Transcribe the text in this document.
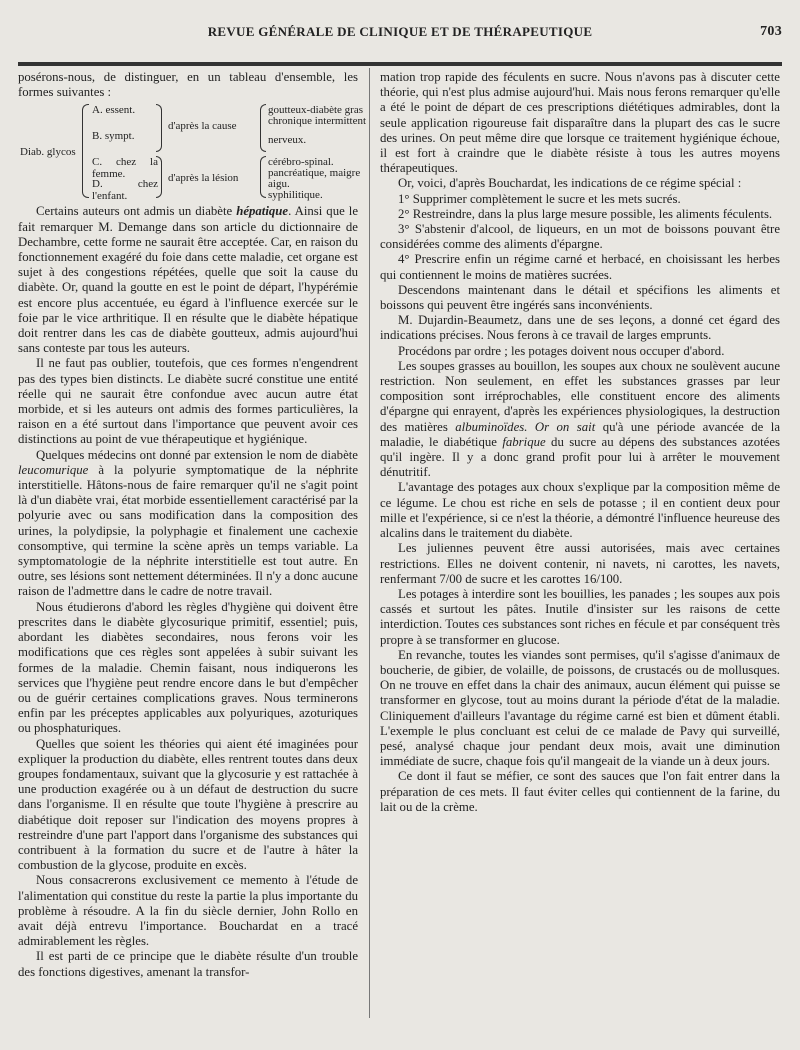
REVUE GÉNÉRALE DE CLINIQUE ET DE THÉRAPEUTIQUE	703

posérons-nous, de distinguer, en un tableau d'ensemble, les formes suivantes :

Diab. glycos
A. essent.
B. sympt.
C. chez la femme.
D. chez l'enfant.
d'après la cause
d'après la lésion
goutteux-diabète gras
chronique intermittent
nerveux.
cérébro-spinal.
pancréatique, maigre
aigu.
syphilitique.

Certains auteurs ont admis un diabète hépatique. Ainsi que le fait remarquer M. Demange dans son article du dictionnaire de Dechambre, cette forme ne saurait être acceptée. Car, en raison du fonctionnement exagéré du foie dans cette maladie, cet organe est sujet à des congestions répétées, quelle que soit la cause du diabète. Or, quand la goutte en est le point de départ, l'hypérémie est encore plus accentuée, eu égard à l'influence exercée sur le foie par le vice arthritique. Il en résulte que le diabète hépatique doit rentrer dans les cas de diabète goutteux, admis aujourd'hui sans conteste par tous les auteurs.

Il ne faut pas oublier, toutefois, que ces formes n'engendrent pas des types bien distincts. Le diabète sucré constitue une entité réelle qui ne saurait être confondue avec aucun autre état morbide, et si les auteurs ont admis des formes particulières, la raison en a été surtout dans l'importance que peuvent avoir ces distinctions au point de vue thérapeutique et hygiénique.

Quelques médecins ont donné par extension le nom de diabète leucomurique à la polyurie symptomatique de la néphrite interstitielle. Hâtons-nous de faire remarquer qu'il ne s'agit point là d'un diabète vrai, état morbide essentiellement caractérisé par la polyurie avec ou sans modification dans la composition des urines, la polydipsie, la polyphagie et finalement une cachexie consomptive, qui termine la scène après un temps variable. La symptomatologie de la néphrite interstitielle est tout autre. En outre, ses lésions sont nettement déterminées. Il n'y a donc aucune raison de l'admettre dans le cadre de notre travail.

Nous étudierons d'abord les règles d'hygiène qui doivent être prescrites dans le diabète glycosurique primitif, essentiel; puis, abordant les diabètes secondaires, nous ferons voir les modifications que ces règles sont appelées à subir suivant les formes de la maladie. Chemin faisant, nous indiquerons les services que l'hygiène peut rendre encore dans le but d'empêcher ou de guérir certaines complications graves. Nous terminerons enfin par les préceptes applicables aux polyuriques, azoturiques ou phosphaturiques.

Quelles que soient les théories qui aient été imaginées pour expliquer la production du diabète, elles rentrent toutes dans deux groupes fondamentaux, suivant que la glycosurie y est rattachée à une production exagérée ou à un défaut de destruction du sucre dans l'organisme. Il en résulte que toute l'hygiène à prescrire au diabétique doit reposer sur l'indication des moyens propres à restreindre d'une part l'apport dans l'organisme des substances qui contribuent à la formation du sucre et de l'autre à hâter la combustion de la glycose, produite en excès.

Nous consacrerons exclusivement ce memento à l'étude de l'alimentation qui constitue du reste la partie la plus importante du problème à résoudre. A la fin du siècle dernier, John Rollo en avait déjà entrevu l'importance. Bouchardat en a tracé admirablement les règles.

Il est parti de ce principe que le diabète résulte d'un trouble des fonctions digestives, amenant la transfor-

mation trop rapide des féculents en sucre. Nous n'avons pas à discuter cette théorie, qui n'est plus admise aujourd'hui. Mais nous ferons remarquer qu'elle a été le point de départ de ces prescriptions diététiques admirables, dont la seule application rigoureuse fait disparaître dans la plupart des cas le sucre des urines. On peut même dire que lorsque ce traitement hygiénique échoue, il est fort à craindre que le diabète résiste à tous les autres moyens thérapeutiques.

Or, voici, d'après Bouchardat, les indications de ce régime spécial :

1° Supprimer complètement le sucre et les mets sucrés.

2° Restreindre, dans la plus large mesure possible, les aliments féculents.

3° S'abstenir d'alcool, de liqueurs, en un mot de boissons pouvant être considérées comme des aliments d'épargne.

4° Prescrire enfin un régime carné et herbacé, en choisissant les herbes qui contiennent le moins de matières sucrées.

Descendons maintenant dans le détail et spécifions les aliments et boissons qui peuvent être ingérés sans inconvénients.

M. Dujardin-Beaumetz, dans une de ses leçons, a donné cet égard des indications précises. Nous ferons à ce travail de larges emprunts.

Procédons par ordre ; les potages doivent nous occuper d'abord.

Les soupes grasses au bouillon, les soupes aux choux ne soulèvent aucune restriction. Non seulement, en effet les substances grasses par leur composition sont irréprochables, elle constituent encore des aliments d'épargne qui enrayent, d'après les expériences physiologiques, la destruction des matières albuminoïdes. Or on sait qu'à une période avancée de la maladie, le diabétique fabrique du sucre au dépens des substances azotées qu'il ingère. Il y a donc grand profit pour lui à arrêter le mouvement dénutritif.

L'avantage des potages aux choux s'explique par la composition même de ce légume. Le chou est riche en sels de potasse ; il en contient deux pour mille et l'expérience, si ce n'est la théorie, a démontré l'influence heureuse des alcalins dans le traitement du diabète.

Les juliennes peuvent être aussi autorisées, mais avec certaines restrictions. Elles ne doivent contenir, ni navets, ni carottes, les navets, renfermant 7/00 de sucre et les carottes 16/100.

Les potages à interdire sont les bouillies, les panades ; les soupes aux pois cassés et surtout les pâtes. Inutile d'insister sur les raisons de cette interdiction. Toutes ces substances sont riches en fécule et par conséquent très propre à se transformer en glucose.

En revanche, toutes les viandes sont permises, qu'il s'agisse d'animaux de boucherie, de gibier, de volaille, de poissons, de crustacés ou de mollusques. On ne trouve en effet dans la chair des animaux, aucun élément qui puisse se transformer en glycose, tout au moins durant la période d'état de la maladie. Cliniquement d'ailleurs l'avantage du régime carné est bien et dûment établi. L'exemple le plus concluant est celui de ce malade de Pavy qui surveillé, pesé, analysé chaque jour pendant deux mois, avait une diminution immédiate de sucre, chaque fois qu'il mangeait de la viande un à deux jours.

Ce dont il faut se méfier, ce sont des sauces que l'on fait entrer dans la préparation de ces mets. Il faut éviter celles qui contiennent de la farine, du lait ou de la crème.
